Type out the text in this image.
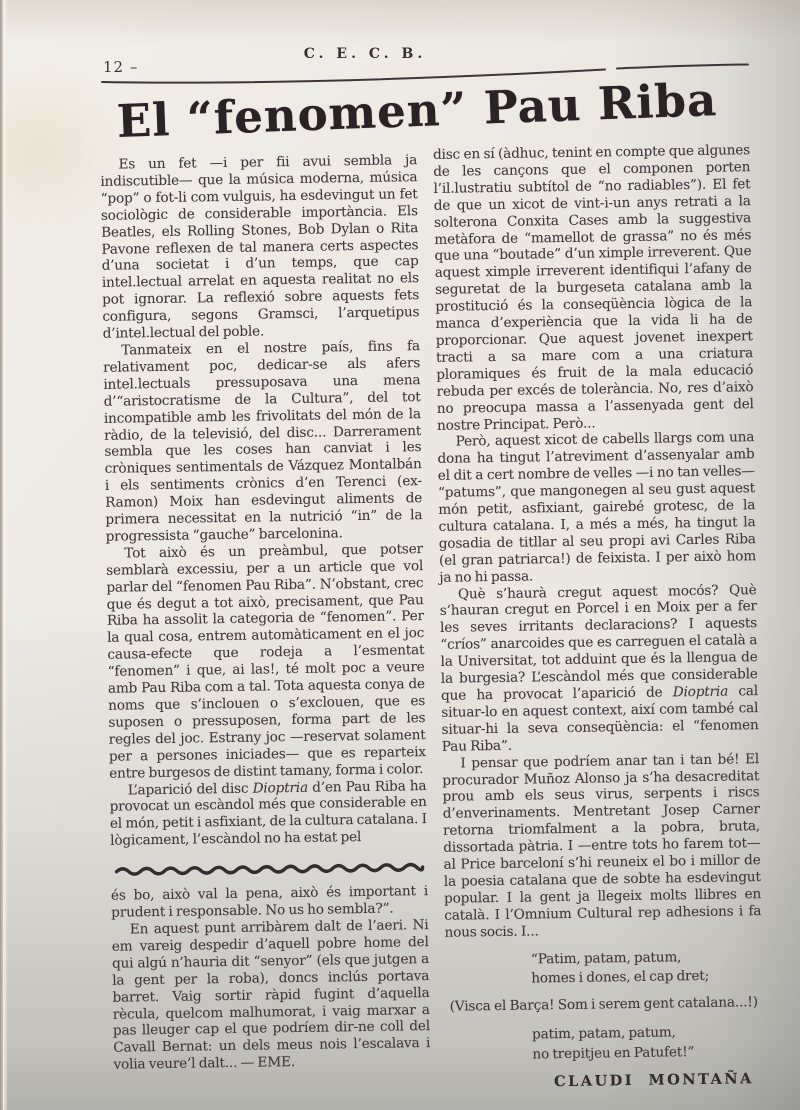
12 –
C. E. C. B.
El “fenomen” Pau Riba

Es un fet —i per fii avui sembla ja indiscutible— que la música moderna, música “pop” o fot-li com vulguis, ha esdevingut un fet sociològic de considerable importància. Els Beatles, els Rolling Stones, Bob Dylan o Rita Pavone reflexen de tal manera certs aspectes d’una societat i d’un temps, que cap intel.lectual arrelat en aquesta realitat no els pot ignorar. La reflexió sobre aquests fets configura, segons Gramsci, l’arquetipus d’intel.lectual del poble.

Tanmateix en el nostre país, fins fa relativament poc, dedicar-se als afers intel.lectuals pressuposava una mena d’“aristocratisme de la Cultura”, del tot incompatible amb les frivolitats del món de la ràdio, de la televisió, del disc... Darrerament sembla que les coses han canviat i les cròniques sentimentals de Vázquez Montalbán i els sentiments crònics d’en Terenci (ex-Ramon) Moix han esdevingut aliments de primera necessitat en la nutrició “in” de la progressista “gauche” barcelonina.

Tot això és un preàmbul, que potser semblarà excessiu, per a un article que vol parlar del “fenomen Pau Riba”. N’obstant, crec que és degut a tot això, precisament, que Pau Riba ha assolit la categoria de “fenomen”. Per la qual cosa, entrem automàticament en el joc causa-efecte que rodeja a l’esmentat “fenomen” i que, ai las!, té molt poc a veure amb Pau Riba com a tal. Tota aquesta conya de noms que s’inclouen o s’exclouen, que es suposen o pressuposen, forma part de les regles del joc. Estrany joc —reservat solament per a persones iniciades— que es reparteix entre burgesos de distint tamany, forma i color.

L’aparició del disc Dioptria d’en Pau Riba ha provocat un escàndol més que considerable en el món, petit i asfixiant, de la cultura catalana. I lògicament, l’escàndol no ha estat pel

és bo, això val la pena, això és important i prudent i responsable. No us ho sembla?”.

En aquest punt arribàrem dalt de l’aeri. Ni em vareig despedir d’aquell pobre home del qui algú n’hauria dit “senyor” (els que jutgen a la gent per la roba), doncs inclús portava barret. Vaig sortir ràpid fugint d’aquella rècula, quelcom malhumorat, i vaig marxar a pas lleuger cap el que podríem dir-ne coll del Cavall Bernat: un dels meus nois l’escalava i volia veure’l dalt... — EME.

disc en sí (àdhuc, tenint en compte que algunes de les cançons que el componen porten l’il.lustratiu subtítol de “no radiables”). El fet de que un xicot de vint-i-un anys retrati a la solterona Conxita Cases amb la suggestiva metàfora de “mamellot de grassa” no és més que una “boutade” d’un ximple irreverent. Que aquest ximple irreverent identifiqui l’afany de seguretat de la burgeseta catalana amb la prostitució és la conseqüència lògica de la manca d’experiència que la vida li ha de proporcionar. Que aquest jovenet inexpert tracti a sa mare com a una criatura ploramiques és fruit de la mala educació rebuda per excés de tolerància. No, res d’això no preocupa massa a l’assenyada gent del nostre Principat. Però...

Però, aquest xicot de cabells llargs com una dona ha tingut l’atreviment d’assenyalar amb el dit a cert nombre de velles —i no tan velles— “patums”, que mangonegen al seu gust aquest món petit, asfixiant, gairebé grotesc, de la cultura catalana. I, a més a més, ha tingut la gosadia de titllar al seu propi avi Carles Riba (el gran patriarca!) de feixista. I per això hom ja no hi passa.

Què s’haurà cregut aquest mocós? Què s’hauran cregut en Porcel i en Moix per a fer les seves irritants declaracions? I aquests “críos” anarcoides que es carreguen el català a la Universitat, tot adduint que és la llengua de la burgesia? L’escàndol més que considerable que ha provocat l’aparició de Dioptria cal situar-lo en aquest context, així com també cal situar-hi la seva conseqüència: el “fenomen Pau Riba”.

I pensar que podríem anar tan i tan bé! El procurador Muñoz Alonso ja s’ha desacreditat prou amb els seus virus, serpents i riscs d’enverinaments. Mentretant Josep Carner retorna triomfalment a la pobra, bruta, dissortada pàtria. I —entre tots ho farem tot— al Price barceloní s’hi reuneix el bo i millor de la poesia catalana que de sobte ha esdevingut popular. I la gent ja llegeix molts llibres en català. I l’Omnium Cultural rep adhesions i fa nous socis. I...

“Patim, patam, patum,
homes i dones, el cap dret;
(Visca el Barça! Som i serem gent catalana...!)
patim, patam, patum,
no trepitjeu en Patufet!”
CLAUDI MONTAÑA
